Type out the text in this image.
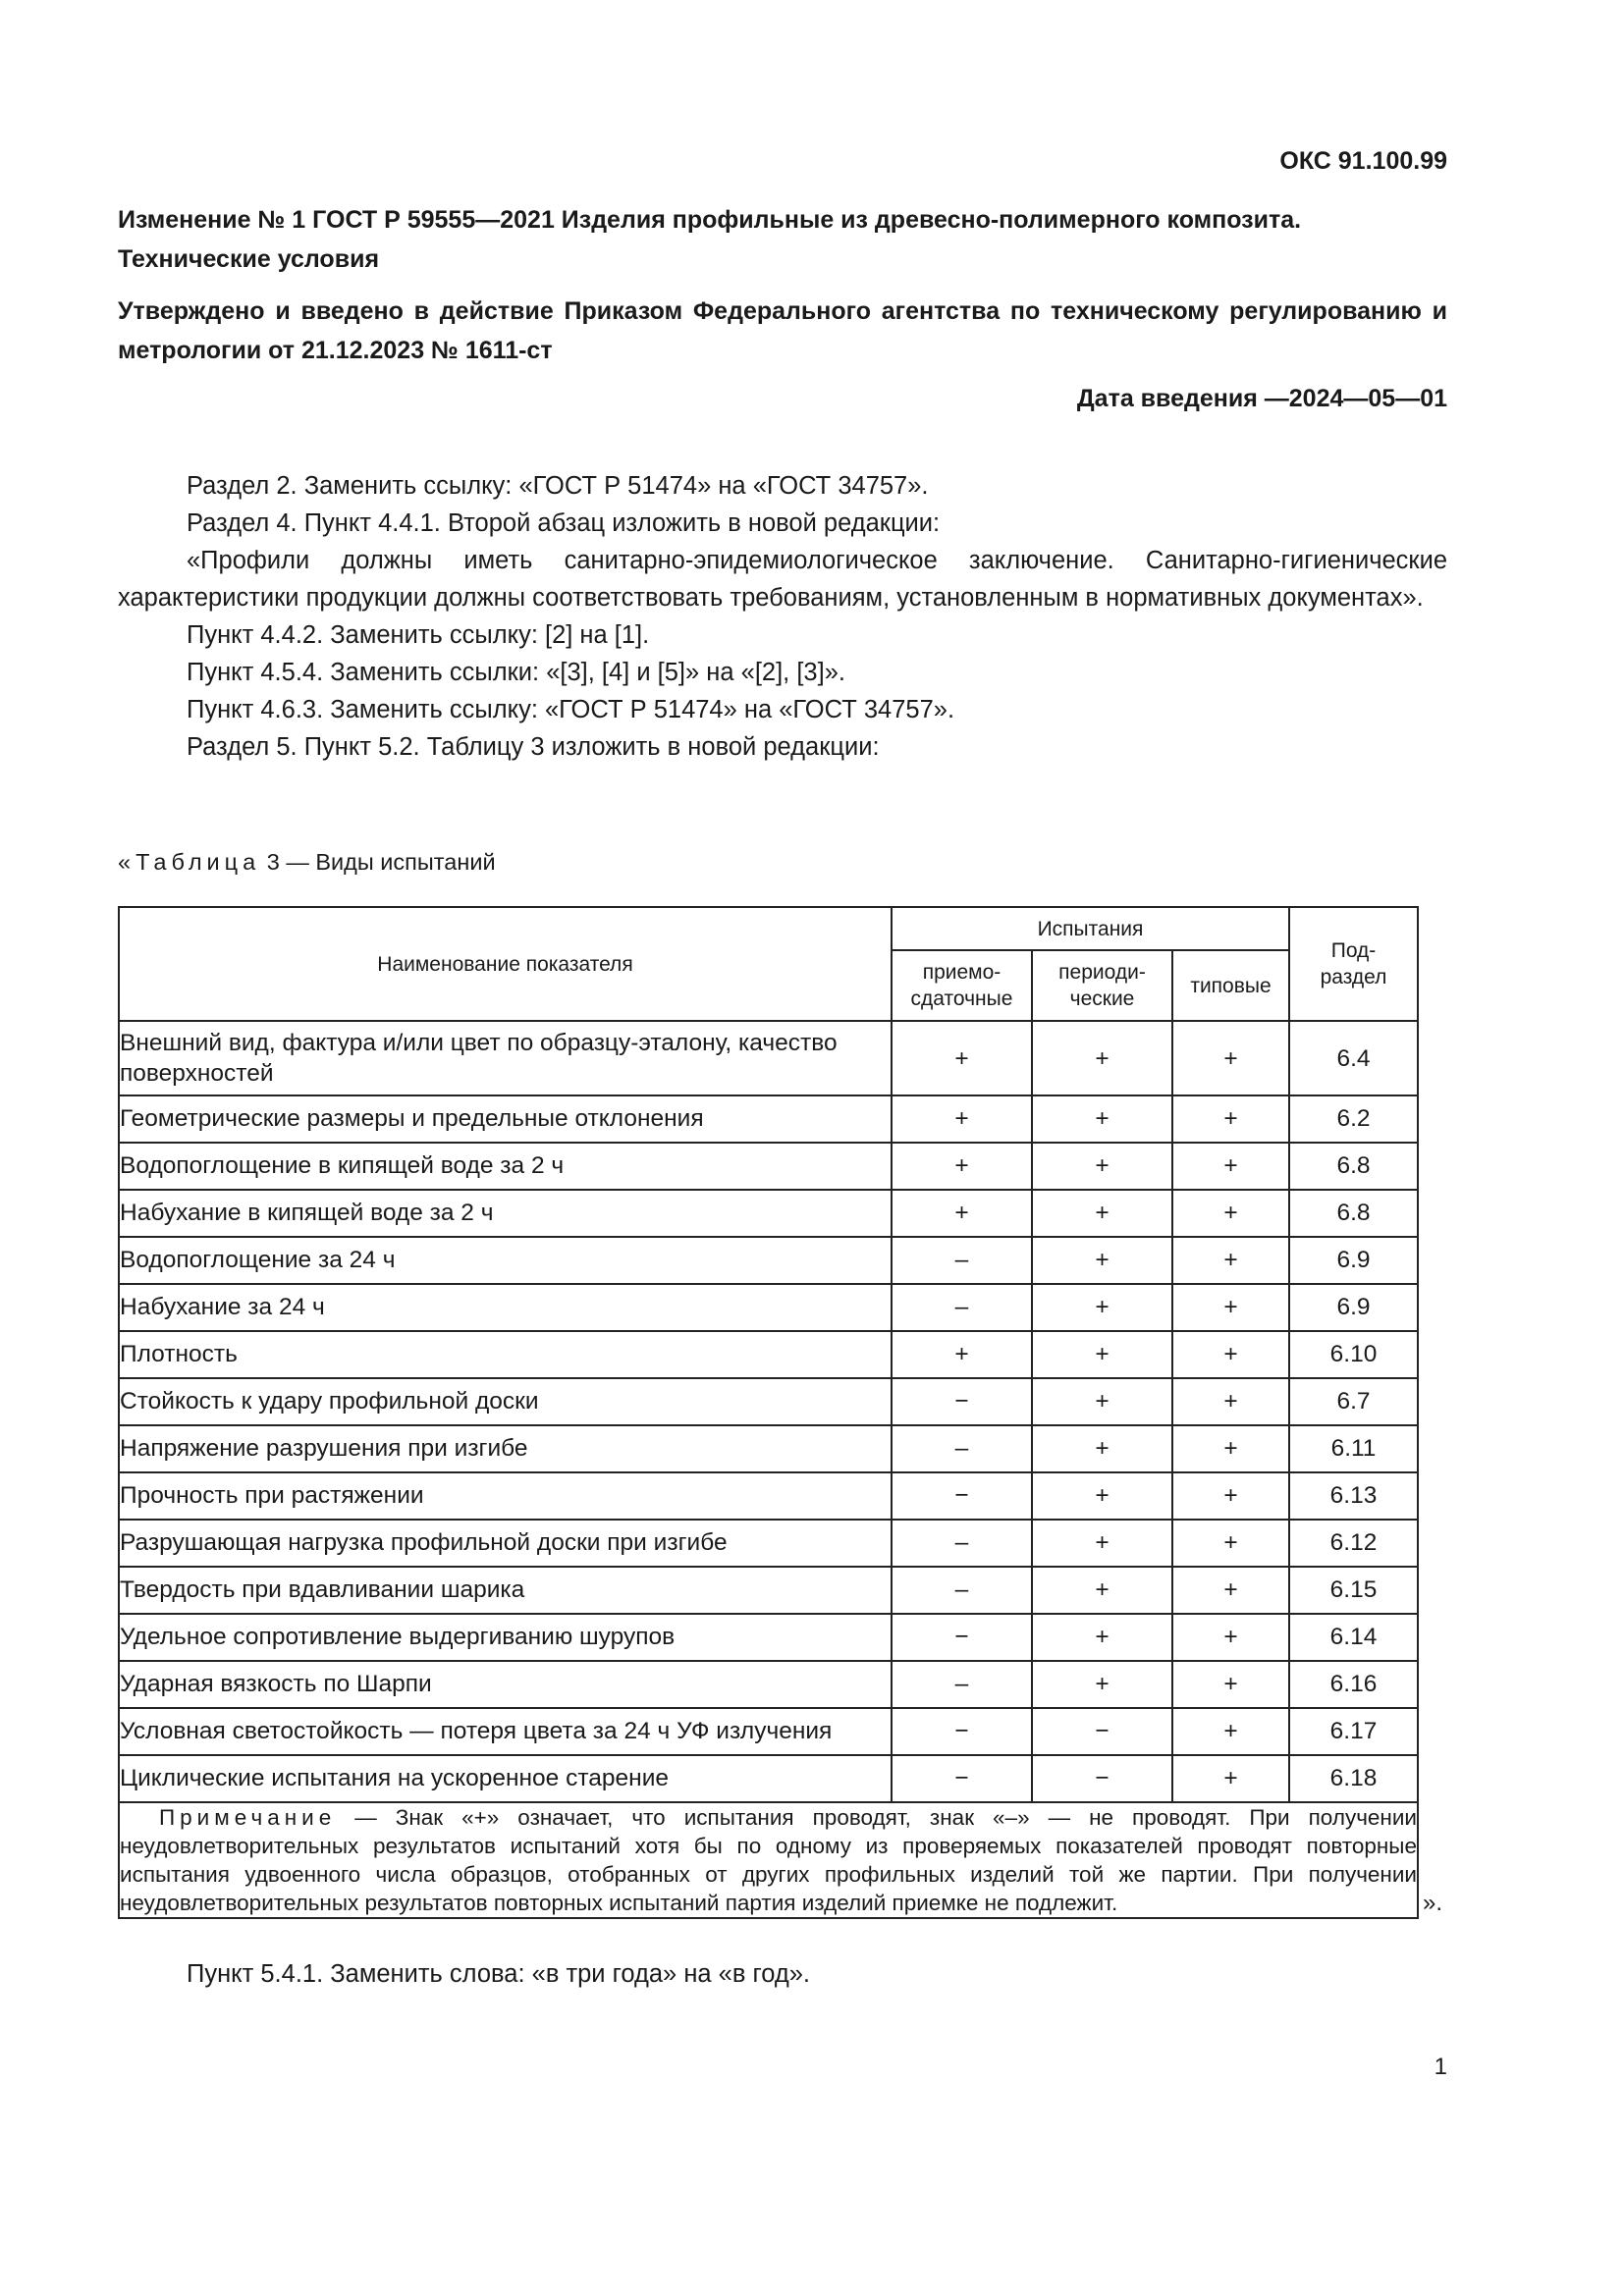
ОКС 91.100.99
Изменение № 1 ГОСТ Р 59555—2021 Изделия профильные из древесно-полимерного композита. Технические условия
Утверждено и введено в действие Приказом Федерального агентства по техническому регулированию и метрологии от 21.12.2023 № 1611-ст
Дата введения —2024—05—01

Раздел 2. Заменить ссылку: «ГОСТ Р 51474» на «ГОСТ 34757».

Раздел 4. Пункт 4.4.1. Второй абзац изложить в новой редакции:

«Профили должны иметь санитарно-эпидемиологическое заключение. Санитарно-гигиенические характеристики продукции должны соответствовать требованиям, установленным в нормативных документах».

Пункт 4.4.2. Заменить ссылку: [2] на [1].

Пункт 4.5.4. Заменить ссылки: «[3], [4] и [5]» на «[2], [3]».

Пункт 4.6.3. Заменить ссылку: «ГОСТ Р 51474» на «ГОСТ 34757».

Раздел 5. Пункт 5.2. Таблицу 3 изложить в новой редакции:

«Таблица 3 — Виды испытаний
Наименование показателя	Испытания			Под-раздел
	приемо-сдаточные	периоди-ческие	типовые	
Внешний вид, фактура и/или цвет по образцу-эталону, качество поверхностей	+	+	+	6.4
Геометрические размеры и предельные отклонения	+	+	+	6.2
Водопоглощение в кипящей воде за 2 ч	+	+	+	6.8
Набухание в кипящей воде за 2 ч	+	+	+	6.8
Водопоглощение за 24 ч	–	+	+	6.9
Набухание за 24 ч	–	+	+	6.9
Плотность	+	+	+	6.10
Стойкость к удару профильной доски	−	+	+	6.7
Напряжение разрушения при изгибе	–	+	+	6.11
Прочность при растяжении	−	+	+	6.13
Разрушающая нагрузка профильной доски при изгибе	–	+	+	6.12
Твердость при вдавливании шарика	–	+	+	6.15
Удельное сопротивление выдергиванию шурупов	−	+	+	6.14
Ударная вязкость по Шарпи	–	+	+	6.16
Условная светостойкость — потеря цвета за 24 ч УФ излучения	−	−	+	6.17
Циклические испытания на ускоренное старение	−	−	+	6.18
Примечание — Знак «+» означает, что испытания проводят, знак «–» — не проводят. При получении неудовлетворительных результатов испытаний хотя бы по одному из проверяемых показателей проводят повторные испытания удвоенного числа образцов, отобранных от других профильных изделий той же партии. При получении неудовлетворительных результатов повторных испытаний партия изделий приемке не подлежит.					».
Пункт 5.4.1. Заменить слова: «в три года» на «в год».
1
